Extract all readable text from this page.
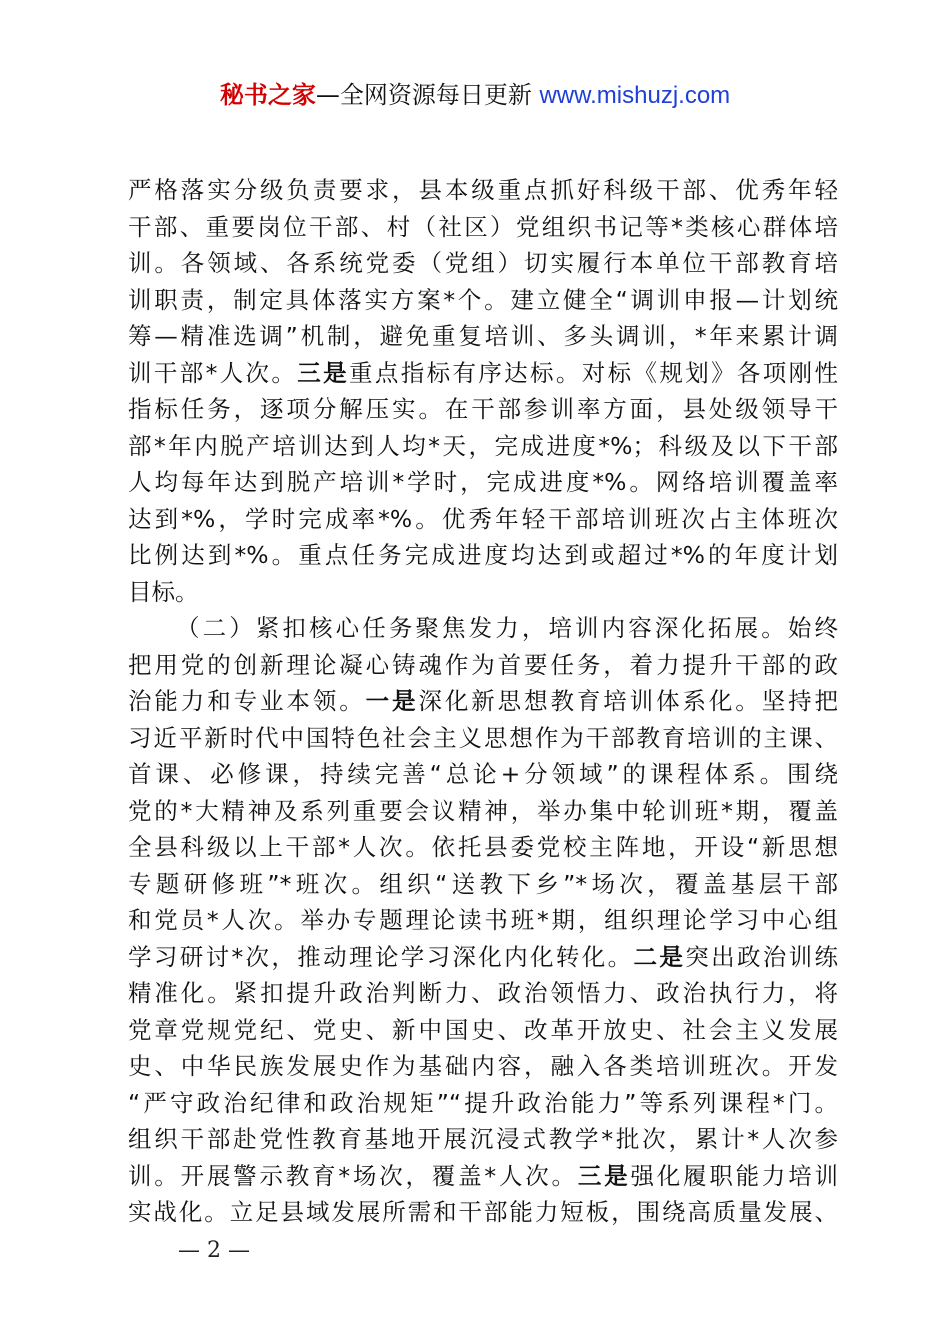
秘书之家—全网资源每日更新 www.mishuzj.com
严格落实分级负责要求，县本级重点抓好科级干部、优秀年轻
干部、重要岗位干部、村（社区）党组织书记等*类核心群体培
训。各领域、各系统党委（党组）切实履行本单位干部教育培
训职责，制定具体落实方案*个。建立健全“调训申报—计划统
筹—精准选调”机制，避免重复培训、多头调训，*年来累计调
训干部*人次。三是重点指标有序达标。对标《规划》各项刚性
指标任务，逐项分解压实。在干部参训率方面，县处级领导干
部*年内脱产培训达到人均*天，完成进度*%；科级及以下干部
人均每年达到脱产培训*学时，完成进度*%。网络培训覆盖率
达到*%，学时完成率*%。优秀年轻干部培训班次占主体班次
比例达到*%。重点任务完成进度均达到或超过*%的年度计划
目标。
（二）紧扣核心任务聚焦发力，培训内容深化拓展。始终
把用党的创新理论凝心铸魂作为首要任务，着力提升干部的政
治能力和专业本领。一是深化新思想教育培训体系化。坚持把
习近平新时代中国特色社会主义思想作为干部教育培训的主课、
首课、必修课，持续完善“总论+分领域”的课程体系。围绕
党的*大精神及系列重要会议精神，举办集中轮训班*期，覆盖
全县科级以上干部*人次。依托县委党校主阵地，开设“新思想
专题研修班”*班次。组织“送教下乡”*场次，覆盖基层干部
和党员*人次。举办专题理论读书班*期，组织理论学习中心组
学习研讨*次，推动理论学习深化内化转化。二是突出政治训练
精准化。紧扣提升政治判断力、政治领悟力、政治执行力，将
党章党规党纪、党史、新中国史、改革开放史、社会主义发展
史、中华民族发展史作为基础内容，融入各类培训班次。开发
“严守政治纪律和政治规矩”“提升政治能力”等系列课程*门。
组织干部赴党性教育基地开展沉浸式教学*批次，累计*人次参
训。开展警示教育*场次，覆盖*人次。三是强化履职能力培训
实战化。立足县域发展所需和干部能力短板，围绕高质量发展、
— 2 —
